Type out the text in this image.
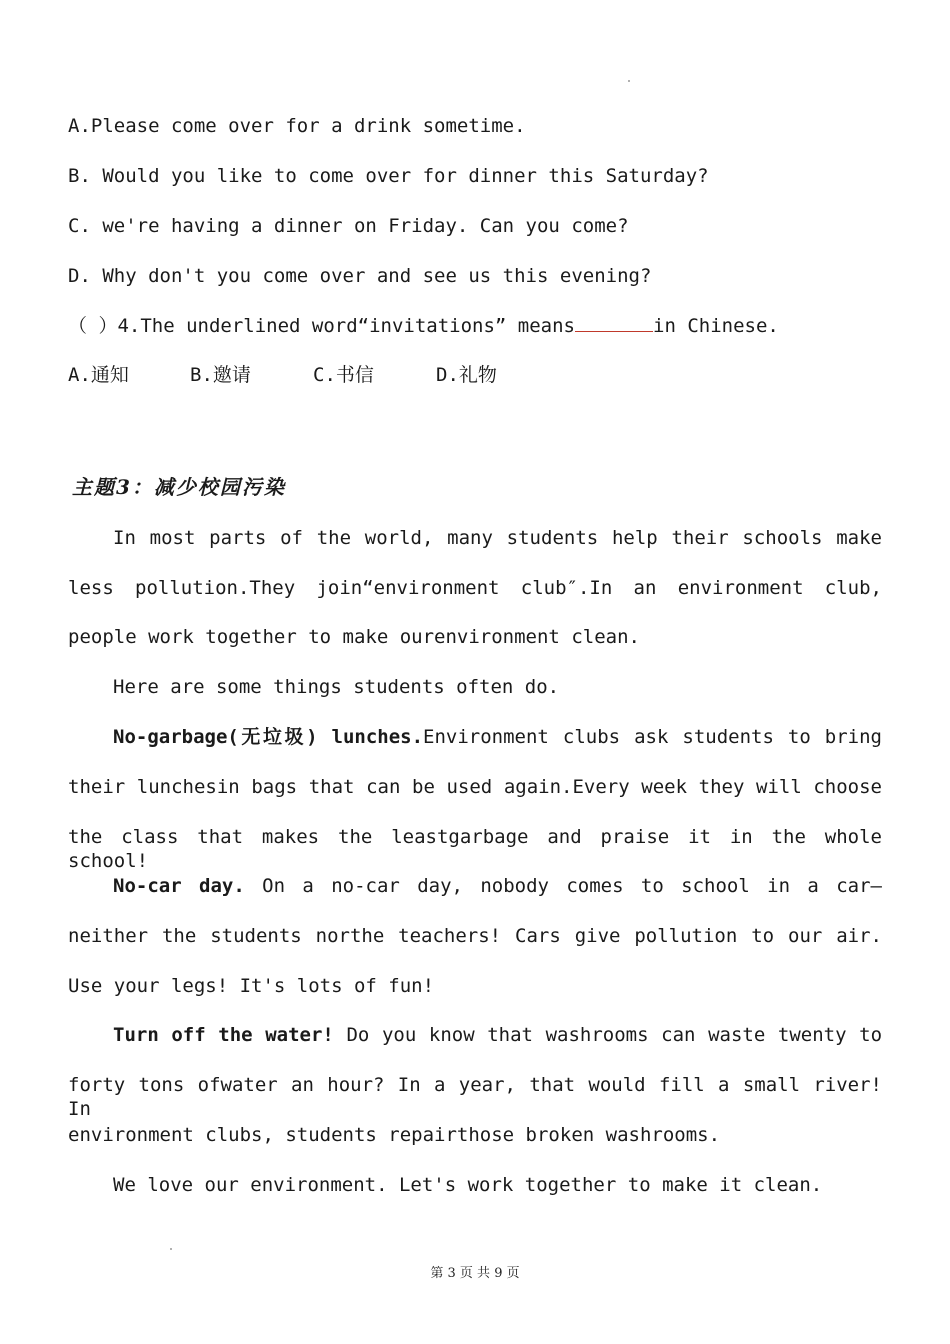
A.Please come over for a drink sometime.
B. Would you like to come over for dinner this Saturday?
C. we're having a dinner on Friday. Can you come?
D. Why don't you come over and see us this evening?
（ ）4.The underlined word“invitations” means	in Chinese.
A.通知	B.邀请	C.书信	D.礼物
主题3：减少校园污染
In most parts of the world, many students help their schools make
less pollution.They join“environment club″.In an environment club,
people work together to make ourenvironment clean.
Here are some things students often do.
No-garbage(无垃圾) lunches.Environment clubs ask students to bring
their lunchesin bags that can be used again.Every week they will choose
the class that makes the leastgarbage and praise it in the whole school!
No-car day. On a no-car day, nobody comes to school in a car—
neither the students northe teachers! Cars give pollution to our air.
Use your legs! It's lots of fun!
Turn off the water! Do you know that washrooms can waste twenty to
forty tons ofwater an hour? In a year, that would fill a small river! In
environment clubs, students repairthose broken washrooms.
We love our environment. Let's work together to make it clean.
第 3 页 共 9 页
